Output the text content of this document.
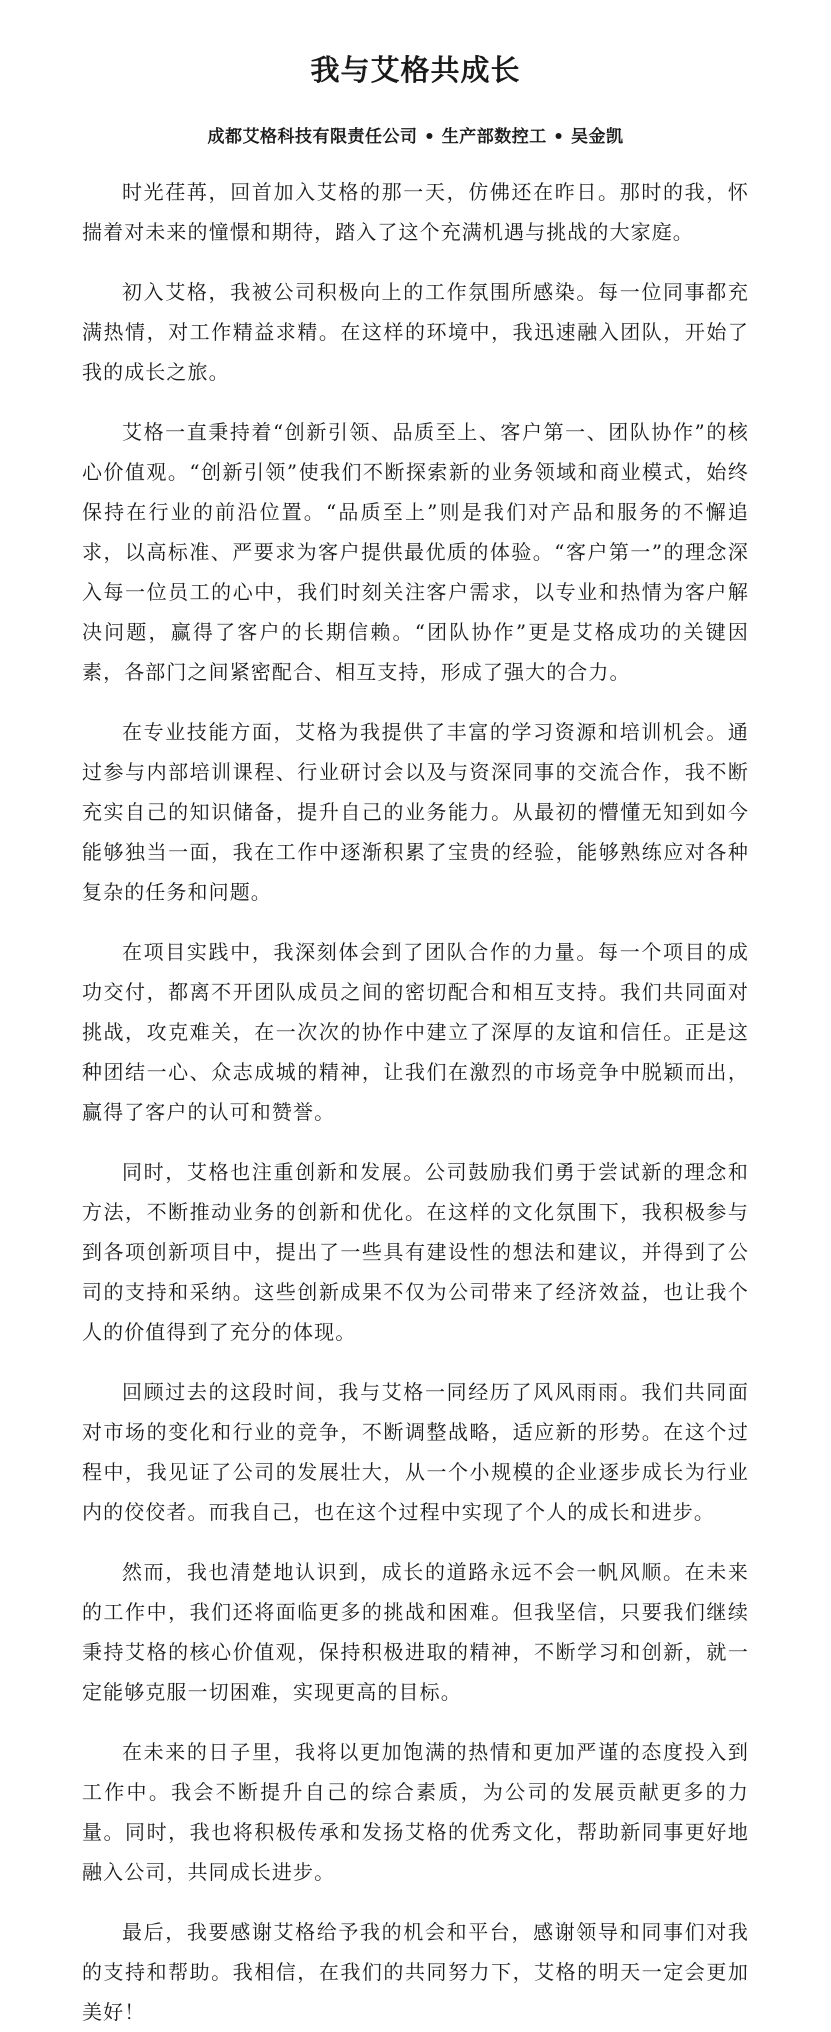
我与艾格共成长
成都艾格科技有限责任公司 • 生产部数控工 • 吴金凯

时光荏苒，回首加入艾格的那一天，仿佛还在昨日。那时的我，怀揣着对未来的憧憬和期待，踏入了这个充满机遇与挑战的大家庭。

初入艾格，我被公司积极向上的工作氛围所感染。每一位同事都充满热情，对工作精益求精。在这样的环境中，我迅速融入团队，开始了我的成长之旅。

艾格一直秉持着“创新引领、品质至上、客户第一、团队协作”的核心价值观。“创新引领”使我们不断探索新的业务领域和商业模式，始终保持在行业的前沿位置。“品质至上”则是我们对产品和服务的不懈追求，以高标准、严要求为客户提供最优质的体验。“客户第一”的理念深入每一位员工的心中，我们时刻关注客户需求，以专业和热情为客户解决问题，赢得了客户的长期信赖。“团队协作”更是艾格成功的关键因素，各部门之间紧密配合、相互支持，形成了强大的合力。

在专业技能方面，艾格为我提供了丰富的学习资源和培训机会。通过参与内部培训课程、行业研讨会以及与资深同事的交流合作，我不断充实自己的知识储备，提升自己的业务能力。从最初的懵懂无知到如今能够独当一面，我在工作中逐渐积累了宝贵的经验，能够熟练应对各种复杂的任务和问题。

在项目实践中，我深刻体会到了团队合作的力量。每一个项目的成功交付，都离不开团队成员之间的密切配合和相互支持。我们共同面对挑战，攻克难关，在一次次的协作中建立了深厚的友谊和信任。正是这种团结一心、众志成城的精神，让我们在激烈的市场竞争中脱颖而出，赢得了客户的认可和赞誉。

同时，艾格也注重创新和发展。公司鼓励我们勇于尝试新的理念和方法，不断推动业务的创新和优化。在这样的文化氛围下，我积极参与到各项创新项目中，提出了一些具有建设性的想法和建议，并得到了公司的支持和采纳。这些创新成果不仅为公司带来了经济效益，也让我个人的价值得到了充分的体现。

回顾过去的这段时间，我与艾格一同经历了风风雨雨。我们共同面对市场的变化和行业的竞争，不断调整战略，适应新的形势。在这个过程中，我见证了公司的发展壮大，从一个小规模的企业逐步成长为行业内的佼佼者。而我自己，也在这个过程中实现了个人的成长和进步。

然而，我也清楚地认识到，成长的道路永远不会一帆风顺。在未来的工作中，我们还将面临更多的挑战和困难。但我坚信，只要我们继续秉持艾格的核心价值观，保持积极进取的精神，不断学习和创新，就一定能够克服一切困难，实现更高的目标。

在未来的日子里，我将以更加饱满的热情和更加严谨的态度投入到工作中。我会不断提升自己的综合素质，为公司的发展贡献更多的力量。同时，我也将积极传承和发扬艾格的优秀文化，帮助新同事更好地融入公司，共同成长进步。

最后，我要感谢艾格给予我的机会和平台，感谢领导和同事们对我的支持和帮助。我相信，在我们的共同努力下，艾格的明天一定会更加美好！
